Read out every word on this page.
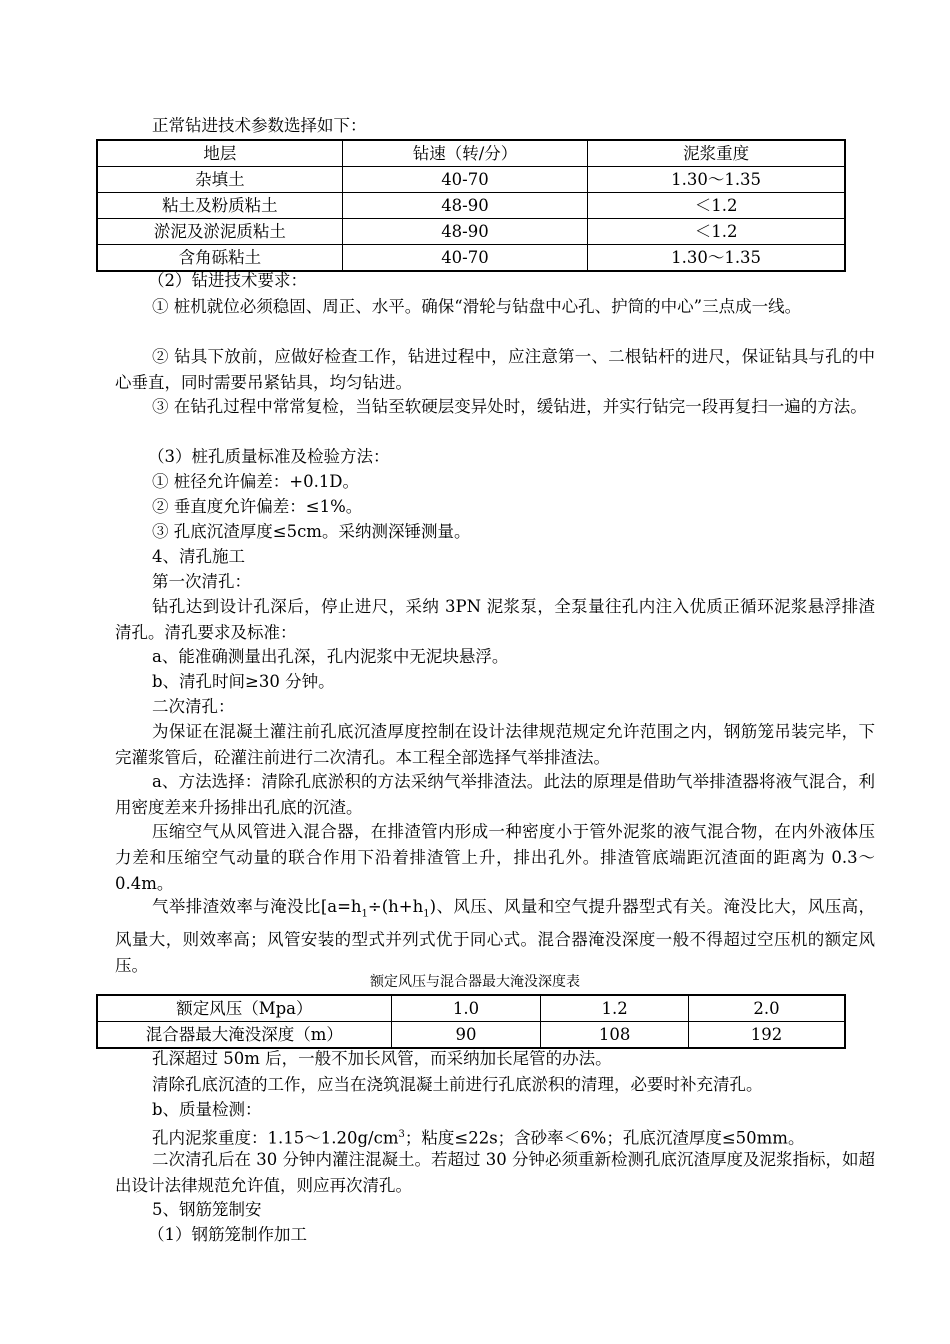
正常钻进技术参数选择如下：
地层	钻速（转/分）	泥浆重度
杂填土	40-70	1.30～1.35
粘土及粉质粘土	48-90	＜1.2
淤泥及淤泥质粘土	48-90	＜1.2
含角砾粘土	40-70	1.30～1.35
（2）钻进技术要求：
① 桩机就位必须稳固、周正、水平。确保“滑轮与钻盘中心孔、护筒的中心”三点成一线。
② 钻具下放前，应做好检查工作，钻进过程中，应注意第一、二根钻杆的进尺，保证钻具与孔的中心垂直，同时需要吊紧钻具，均匀钻进。
③ 在钻孔过程中常常复检，当钻至软硬层变异处时，缓钻进，并实行钻完一段再复扫一遍的方法。
（3）桩孔质量标准及检验方法：
① 桩径允许偏差：+0.1D。
② 垂直度允许偏差：≤1%。
③ 孔底沉渣厚度≤5cm。采纳测深锤测量。
4、清孔施工
第一次清孔：
钻孔达到设计孔深后，停止进尺，采纳 3PN 泥浆泵，全泵量往孔内注入优质正循环泥浆悬浮排渣清孔。清孔要求及标准：
a、能准确测量出孔深，孔内泥浆中无泥块悬浮。
b、清孔时间≥30 分钟。
二次清孔：
为保证在混凝土灌注前孔底沉渣厚度控制在设计法律规范规定允许范围之内，钢筋笼吊装完毕，下完灌浆管后，砼灌注前进行二次清孔。本工程全部选择气举排渣法。
a、方法选择：清除孔底淤积的方法采纳气举排渣法。此法的原理是借助气举排渣器将液气混合，利用密度差来升扬排出孔底的沉渣。
压缩空气从风管进入混合器，在排渣管内形成一种密度小于管外泥浆的液气混合物，在内外液体压力差和压缩空气动量的联合作用下沿着排渣管上升，排出孔外。排渣管底端距沉渣面的距离为 0.3～0.4m。
气举排渣效率与淹没比[$a=h_1\div(h+h_1)$、风压、风量和空气提升器型式有关。淹没比大，风压高，风量大，则效率高；风管安装的型式并列式优于同心式。混合器淹没深度一般不得超过空压机的额定风压。
额定风压与混合器最大淹没深度表
额定风压（Mpa）	1.0	1.2	2.0
混合器最大淹没深度（m）	90	108	192
孔深超过 50m 后，一般不加长风管，而采纳加长尾管的办法。
清除孔底沉渣的工作，应当在浇筑混凝土前进行孔底淤积的清理，必要时补充清孔。
b、质量检测：
孔内泥浆重度：$1.15\sim 1.20g/cm^3$；粘度≤22s；含砂率＜6%；孔底沉渣厚度≤50mm。
二次清孔后在 30 分钟内灌注混凝土。若超过 30 分钟必须重新检测孔底沉渣厚度及泥浆指标，如超出设计法律规范允许值，则应再次清孔。
5、钢筋笼制安
（1）钢筋笼制作加工
